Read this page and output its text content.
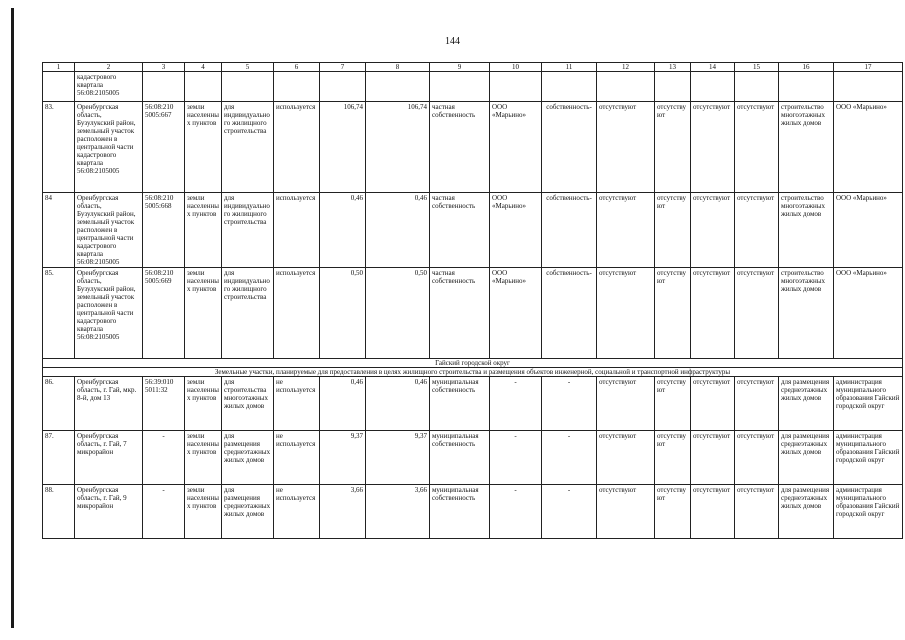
144
1	2	3	4	5	6	7	8	9	10	11	12	13	14	15	16	17
	кадастрового квартала 56:08:2105005															
83.	Оренбургская область, Бузулукский район, земельный участок расположен в центральной части кадастрового квартала 56:08:2105005	56:08:210 5005:667	земли населенных пунктов	для индивидуального жилищного строительства	используется	106,74	106,74	частная собственность	ООО «Марьино»	собственность-	отсутствуют	отсутствуют	отсутствуют	отсутствуют	строительство многоэтажных жилых домов	ООО «Марьино»
84	Оренбургская область, Бузулукский район, земельный участок расположен в центральной части кадастрового квартала 56:08:2105005	56:08:210 5005:668	земли населенных пунктов	для индивидуального жилищного строительства	используется	0,46	0,46	частная собственность	ООО «Марьино»	собственность-	отсутствуют	отсутствуют	отсутствуют	отсутствуют	строительство многоэтажных жилых домов	ООО «Марьино»
85.	Оренбургская область, Бузулукский район, земельный участок расположен в центральной части кадастрового квартала 56:08:2105005	56:08:210 5005:669	земли населенных пунктов	для индивидуального жилищного строительства	используется	0,50	0,50	частная собственность	ООО «Марьино»	собственность-	отсутствуют	отсутствуют	отсутствуют	отсутствуют	строительство многоэтажных жилых домов	ООО «Марьино»
Гайский городской округ																
Земельные участки, планируемые для предоставления в целях жилищного строительства и размещения объектов инженерной, социальной и транспортной инфраструктуры																
86.	Оренбургская область, г. Гай, мкр. 8-й, дом 13	56:39:010 5011:32	земли населенных пунктов	для строительства многоэтажных жилых домов	не используется	0,46	0,46	муниципальная собственность	-	-	отсутствуют	отсутствуют	отсутствуют	отсутствуют	для размещения среднеэтажных жилых домов	администрация муниципального образования Гайский городской округ
87.	Оренбургская область, г. Гай, 7 микрорайон	-	земли населенных пунктов	для размещения среднеэтажных жилых домов	не используется	9,37	9,37	муниципальная собственность	-	-	отсутствуют	отсутствуют	отсутствуют	отсутствуют	для размещения среднеэтажных жилых домов	администрация муниципального образования Гайский городской округ
88.	Оренбургская область, г. Гай, 9 микрорайон	-	земли населенных пунктов	для размещения среднеэтажных жилых домов	не используется	3,66	3,66	муниципальная собственность	-	-	отсутствуют	отсутствуют	отсутствуют	отсутствуют	для размещения среднеэтажных жилых домов	администрация муниципального образования Гайский городской округ
